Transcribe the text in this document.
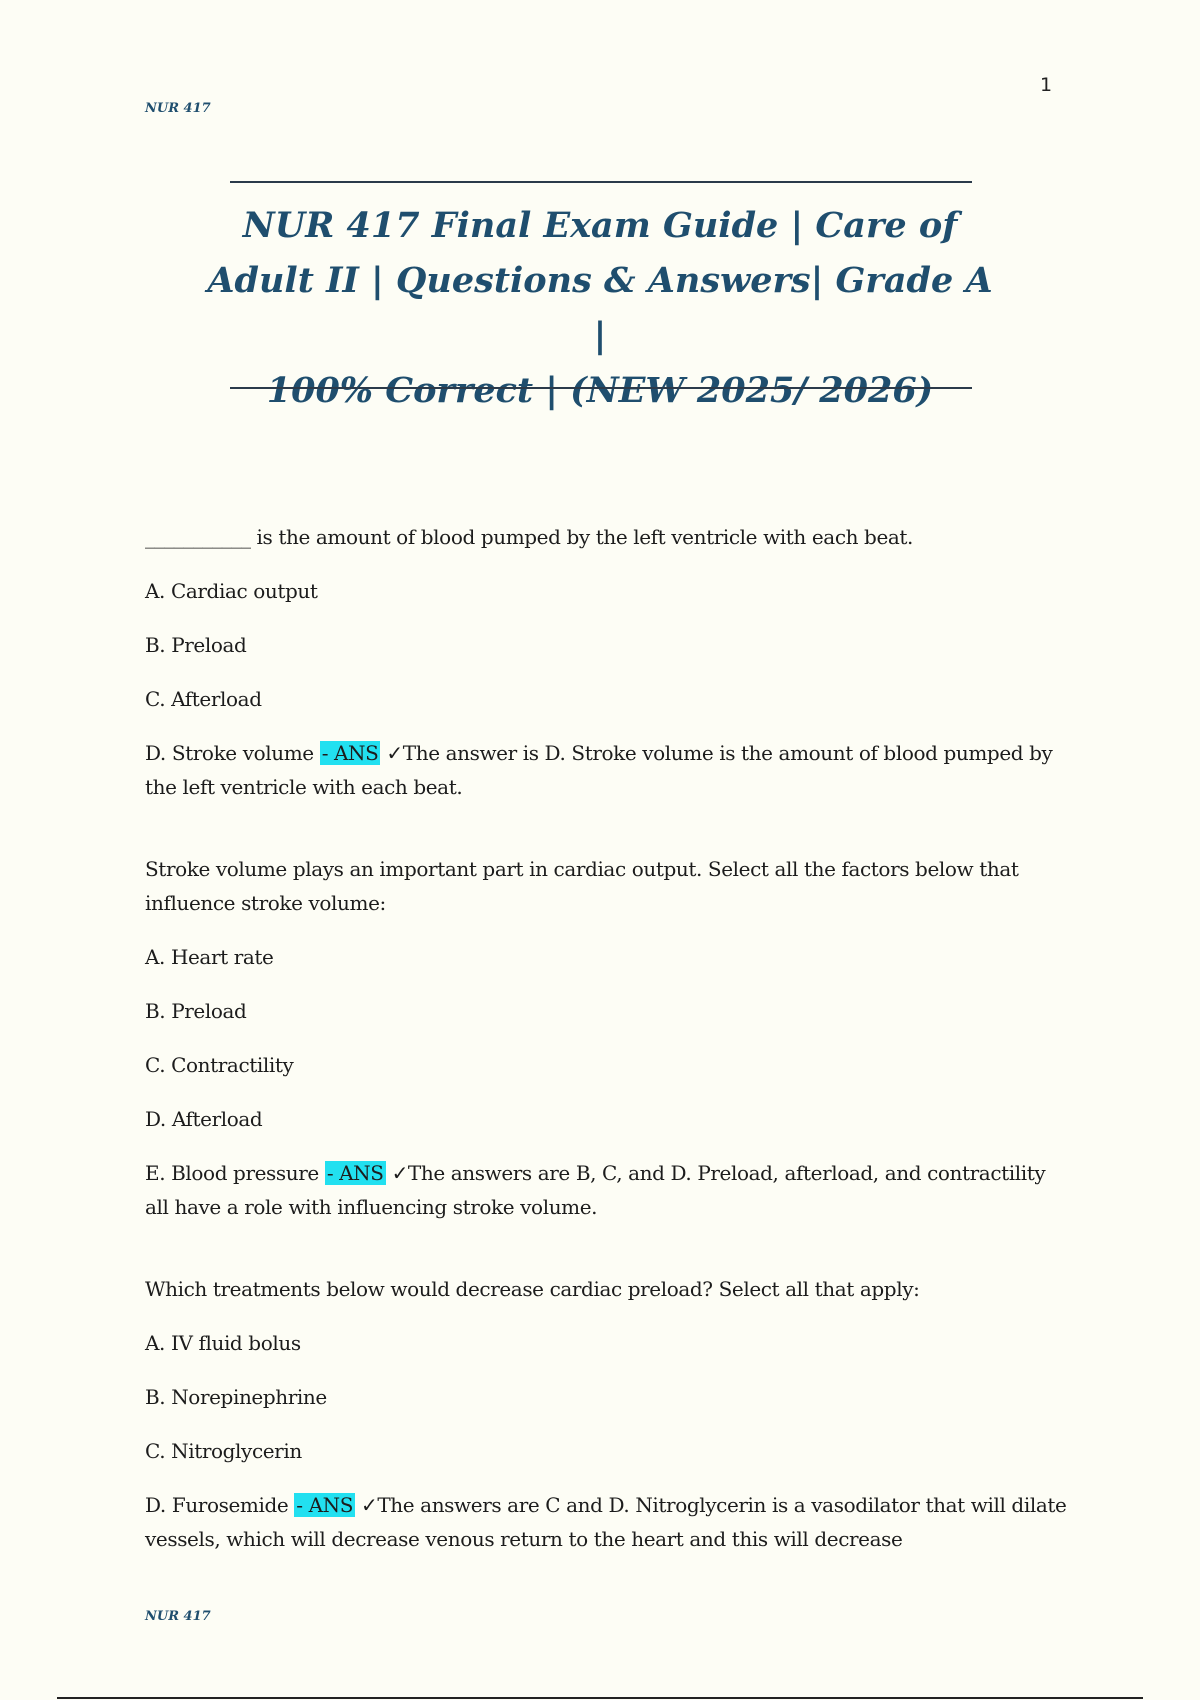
1
NUR 417
NUR 417 Final Exam Guide | Care of
Adult II | Questions & Answers| Grade A |
100% Correct | (NEW 2025/ 2026)

___________ is the amount of blood pumped by the left ventricle with each beat.

A. Cardiac output

B. Preload

C. Afterload

D. Stroke volume - ANS ✓The answer is D. Stroke volume is the amount of blood pumped by the left ventricle with each beat.

Stroke volume plays an important part in cardiac output. Select all the factors below that influence stroke volume:

A. Heart rate

B. Preload

C. Contractility

D. Afterload

E. Blood pressure - ANS ✓The answers are B, C, and D. Preload, afterload, and contractility all have a role with influencing stroke volume.

Which treatments below would decrease cardiac preload? Select all that apply:

A. IV fluid bolus

B. Norepinephrine

C. Nitroglycerin

D. Furosemide - ANS ✓The answers are C and D. Nitroglycerin is a vasodilator that will dilate vessels, which will decrease venous return to the heart and this will decrease

NUR 417
